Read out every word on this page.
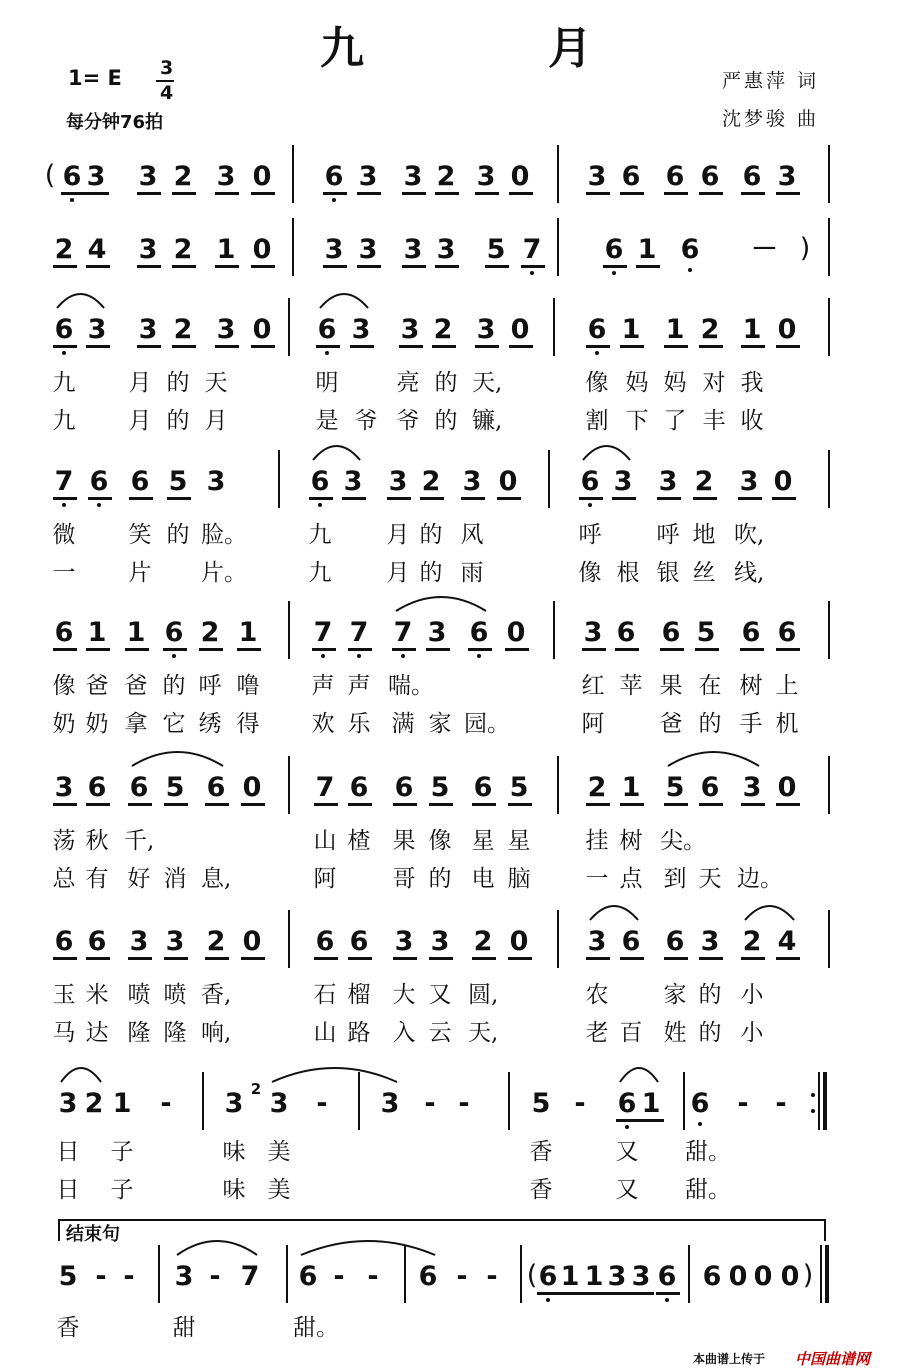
九　月
1= E 3
4
每分钟76拍
严惠萍 词
沈梦骏 曲
结束句
本曲谱上传于 中国曲谱网
6 3 3 2 3 0 6 3 3 2 3 0 3 6 6 6 6 3
(
2 4 3 2 1 0 3 3 3 3 5 7 6 1 6 － )
6 3 3 2 3 0 6 3 3 2 3 0 6 1 1 2 1 0
九 月 的 天	明	亮 的 天,	像 妈 妈 对 我
九 月 的 月	是 爷 爷 的 镰,	割 下 了 丰 收
7 6 6 5 3	6 3 3 2 3 0 6 3 3 2 3 0
微 笑 的 脸。	九 月 的 风	呼 呼 地 吹,
一 片 片。	九 月 的 雨	像 根 银 丝 线,
6 1 1 6 2 1 7 7 7 3 6 0 3 6 6 5 6 6
像 爸 爸 的 呼 噜 声 声 喘。	红 苹 果 在 树 上
奶 奶 拿 它 绣 得 欢 乐 满 家 园。	阿 爸 的 手 机
3 6 6 5 6 0 7 6 6 5 6 5 2 1 5 6 3 0
荡 秋 千,	山 楂 果 像 星 星 挂 树 尖。
总 有 好 消 息,	阿 哥 的 电 脑 一 点 到 天 边。
6 6 3 3 2 0 6 6 3 3 2 0 3 6 6 3 2 4
玉 米 喷 喷 香,	石 榴 大 又 圆,	农 家 的 小
马 达 隆 隆 响,	山 路 入 云 天,	老 百 姓 的 小
3 2 1 - 3 3 - 3 - - 5 - 6 1 6 - -
2
日 子	味 美	香	又 甜。
日 子	味 美	香	又 甜。
5 - - 3 - 7 6 - - 6 - - 6 1 1 3 3 6 6 0 0 0
(	)
香	甜	甜。
